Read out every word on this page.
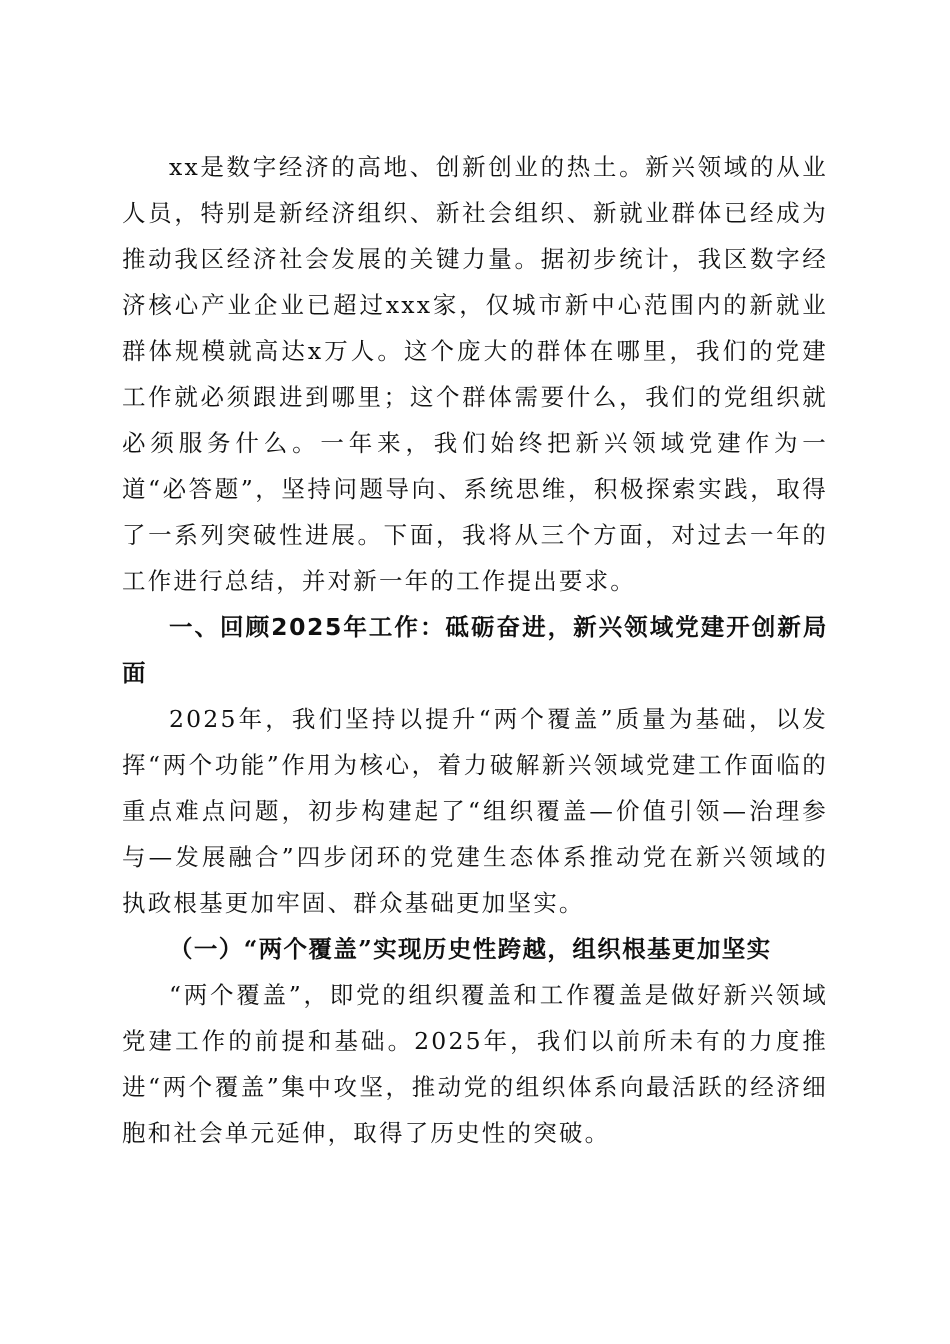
xx是数字经济的高地、创新创业的热土。新兴领域的从业人员，特别是新经济组织、新社会组织、新就业群体已经成为推动我区经济社会发展的关键力量。据初步统计，我区数字经济核心产业企业已超过xxx家，仅城市新中心范围内的新就业群体规模就高达x万人。这个庞大的群体在哪里，我们的党建工作就必须跟进到哪里；这个群体需要什么，我们的党组织就必须服务什么。一年来，我们始终把新兴领域党建作为一道“必答题”，坚持问题导向、系统思维，积极探索实践，取得了一系列突破性进展。下面，我将从三个方面，对过去一年的工作进行总结，并对新一年的工作提出要求。

一、回顾2025年工作：砥砺奋进，新兴领域党建开创新局面

2025年，我们坚持以提升“两个覆盖”质量为基础，以发挥“两个功能”作用为核心，着力破解新兴领域党建工作面临的重点难点问题，初步构建起了“组织覆盖—价值引领—治理参与—发展融合”四步闭环的党建生态体系推动党在新兴领域的执政根基更加牢固、群众基础更加坚实。

（一）“两个覆盖”实现历史性跨越，组织根基更加坚实

“两个覆盖”，即党的组织覆盖和工作覆盖是做好新兴领域党建工作的前提和基础。2025年，我们以前所未有的力度推进“两个覆盖”集中攻坚，推动党的组织体系向最活跃的经济细胞和社会单元延伸，取得了历史性的突破。
